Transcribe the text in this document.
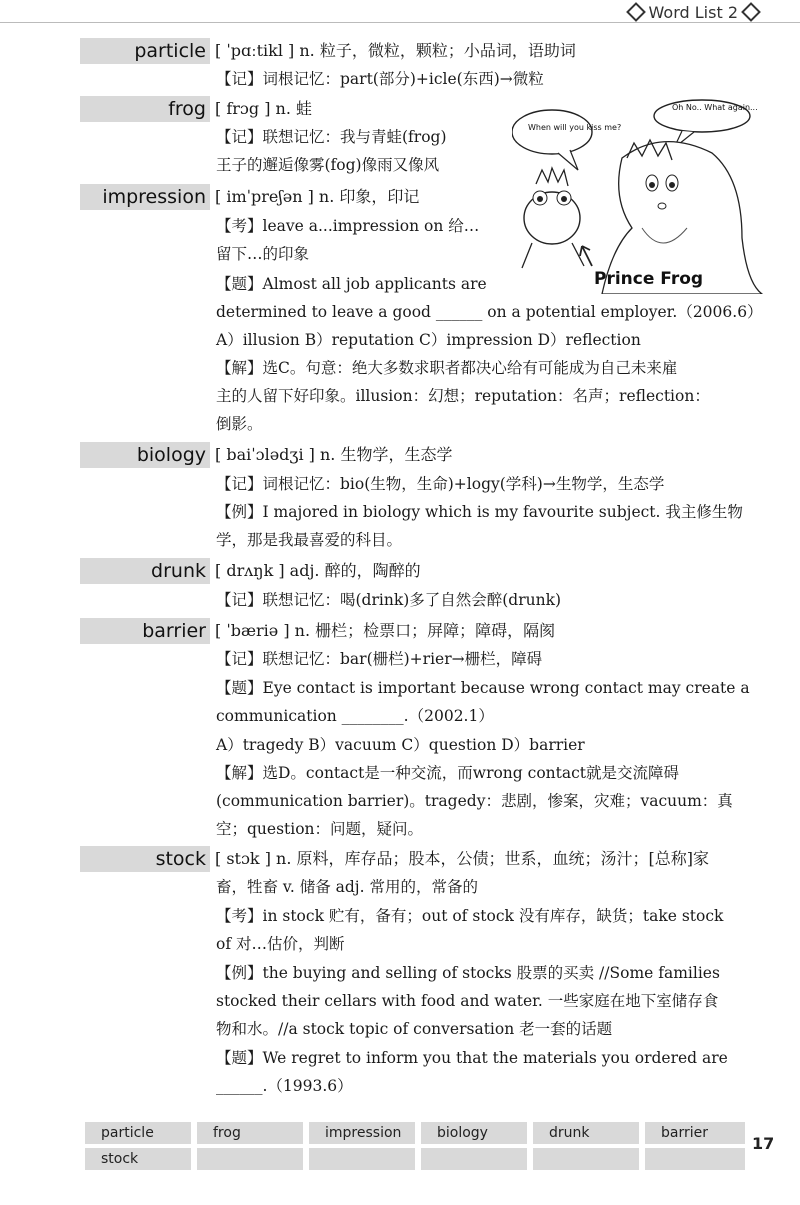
Word List 2
particle [ ˈpɑːtikl ] n. 粒子，微粒，颗粒；小品词，语助词
【记】词根记忆：part(部分)+icle(东西)→微粒
frog [ frɔg ] n. 蛙
【记】联想记忆：我与青蛙(frog)
王子的邂逅像雾(fog)像雨又像风
impression [ imˈpreʃən ] n. 印象，印记
【考】leave a...impression on 给…
留下…的印象
【题】Almost all job applicants are
determined to leave a good ______ on a potential employer.（2006.6）
A）illusion B）reputation C）impression D）reflection
【解】选C。句意：绝大多数求职者都决心给有可能成为自己未来雇
主的人留下好印象。illusion：幻想；reputation：名声；reflection：
倒影。
biology [ baiˈɔlədʒi ] n. 生物学，生态学
【记】词根记忆：bio(生物，生命)+logy(学科)→生物学，生态学
【例】I majored in biology which is my favourite subject. 我主修生物
学，那是我最喜爱的科目。
drunk [ drʌŋk ] adj. 醉的，陶醉的
【记】联想记忆：喝(drink)多了自然会醉(drunk)
barrier [ ˈbæriə ] n. 栅栏；检票口；屏障；障碍，隔阂
【记】联想记忆：bar(栅栏)+rier→栅栏，障碍
【题】Eye contact is important because wrong contact may create a
communication ________.（2002.1）
A）tragedy B）vacuum C）question D）barrier
【解】选D。contact是一种交流，而wrong contact就是交流障碍
(communication barrier)。tragedy：悲剧，惨案，灾难；vacuum：真
空；question：问题，疑问。
stock [ stɔk ] n. 原料，库存品；股本，公债；世系，血统；汤汁；[总称]家
畜，牲畜 v. 储备 adj. 常用的，常备的
【考】in stock 贮有，备有；out of stock 没有库存，缺货；take stock
of 对…估价，判断
【例】the buying and selling of stocks 股票的买卖 //Some families
stocked their cellars with food and water. 一些家庭在地下室储存食
物和水。//a stock topic of conversation 老一套的话题
【题】We regret to inform you that the materials you ordered are
______.（1993.6）
When will you kiss me?
Oh No.. What again...
Prince Frog
particle	frog	impression	biology	drunk	barrier
stock
17
